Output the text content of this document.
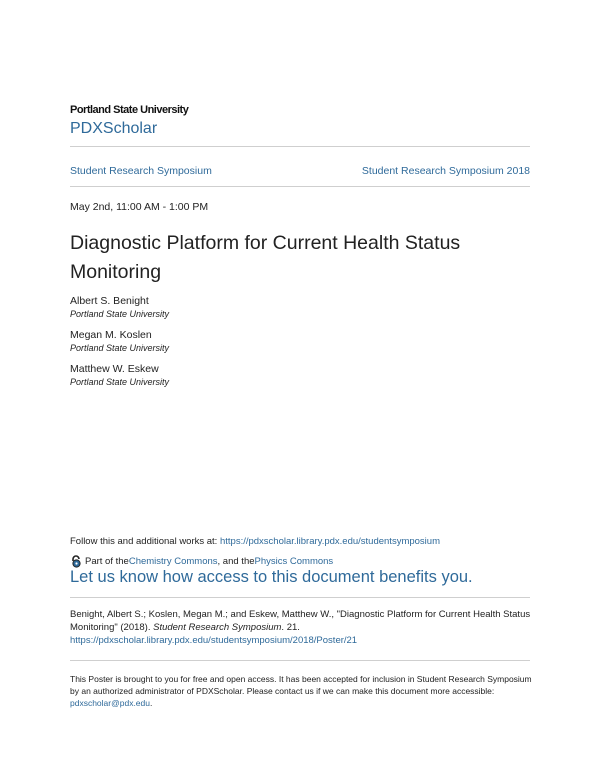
Portland State University
PDXScholar
Student Research Symposium	Student Research Symposium 2018
May 2nd, 11:00 AM - 1:00 PM
Diagnostic Platform for Current Health Status Monitoring
Albert S. Benight
Portland State University
Megan M. Koslen
Portland State University
Matthew W. Eskew
Portland State University
Follow this and additional works at: https://pdxscholar.library.pdx.edu/studentsymposium
Part of the Chemistry Commons , and the Physics Commons
Let us know how access to this document benefits you.
Benight, Albert S.; Koslen, Megan M.; and Eskew, Matthew W., "Diagnostic Platform for Current Health Status Monitoring" (2018). Student Research Symposium. 21.
https://pdxscholar.library.pdx.edu/studentsymposium/2018/Poster/21
This Poster is brought to you for free and open access. It has been accepted for inclusion in Student Research Symposium by an authorized administrator of PDXScholar. Please contact us if we can make this document more accessible: pdxscholar@pdx.edu.
